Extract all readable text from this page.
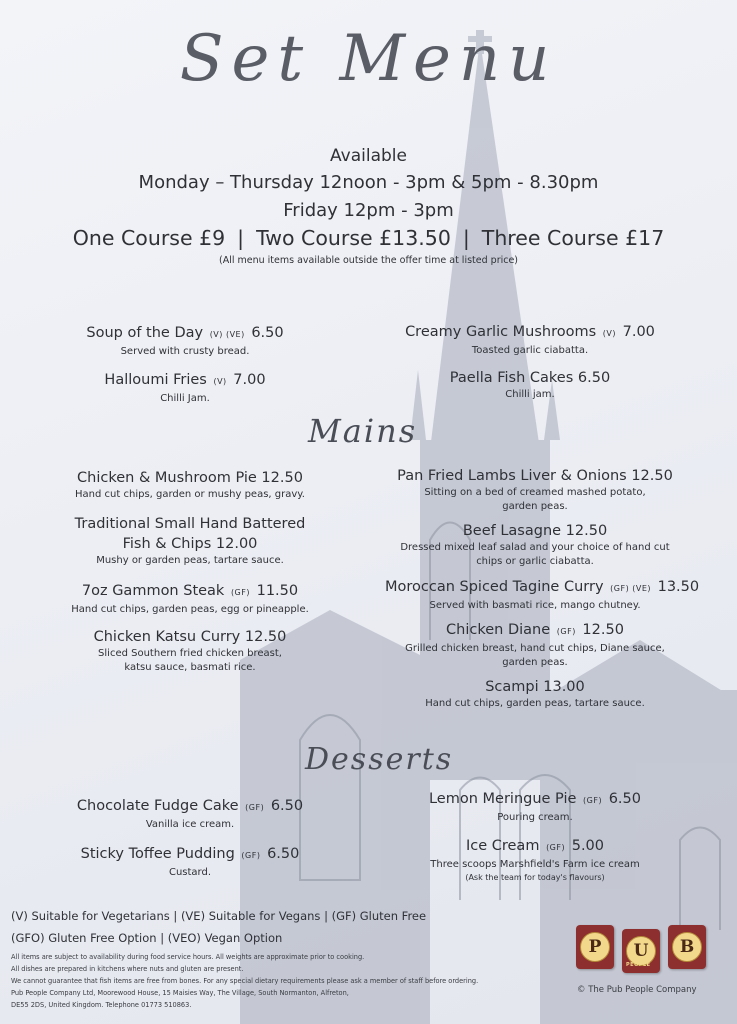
Set Menu
Available
Monday – Thursday 12noon - 3pm & 5pm - 8.30pm
Friday 12pm - 3pm
One Course £9 | Two Course £13.50 | Three Course £17
(All menu items available outside the offer time at listed price)
Soup of the Day (V) (VE) 6.50
Served with crusty bread.
Halloumi Fries (V) 7.00
Chilli Jam.
Creamy Garlic Mushrooms (V) 7.00
Toasted garlic ciabatta.
Paella Fish Cakes 6.50
Chilli jam.
Mains
Chicken & Mushroom Pie 12.50
Hand cut chips, garden or mushy peas, gravy.
Traditional Small Hand Battered
Fish & Chips 12.00
Mushy or garden peas, tartare sauce.
7oz Gammon Steak (GF) 11.50
Hand cut chips, garden peas, egg or pineapple.
Chicken Katsu Curry 12.50
Sliced Southern fried chicken breast,
katsu sauce, basmati rice.
Pan Fried Lambs Liver & Onions 12.50
Sitting on a bed of creamed mashed potato,
garden peas.
Beef Lasagne 12.50
Dressed mixed leaf salad and your choice of hand cut
chips or garlic ciabatta.
Moroccan Spiced Tagine Curry (GF) (VE) 13.50
Served with basmati rice, mango chutney.
Chicken Diane (GF) 12.50
Grilled chicken breast, hand cut chips, Diane sauce,
garden peas.
Scampi 13.00
Hand cut chips, garden peas, tartare sauce.
Desserts
Chocolate Fudge Cake (GF) 6.50
Vanilla ice cream.
Sticky Toffee Pudding (GF) 6.50
Custard.
Lemon Meringue Pie (GF) 6.50
Pouring cream.
Ice Cream (GF) 5.00
Three scoops Marshfield's Farm ice cream
(Ask the team for today's flavours)
(V) Suitable for Vegetarians | (VE) Suitable for Vegans | (GF) Gluten Free
(GFO) Gluten Free Option | (VEO) Vegan Option
All items are subject to availability during food service hours. All weights are approximate prior to cooking.
All dishes are prepared in kitchens where nuts and gluten are present.
We cannot guarantee that fish items are free from bones. For any special dietary requirements please ask a member of staff before ordering.
Pub People Company Ltd, Moorewood House, 15 Maisies Way, The Village, South Normanton, Alfreton,
DE55 2DS, United Kingdom. Telephone 01773 510863.
P	U	B
PEOPLE
© The Pub People Company
